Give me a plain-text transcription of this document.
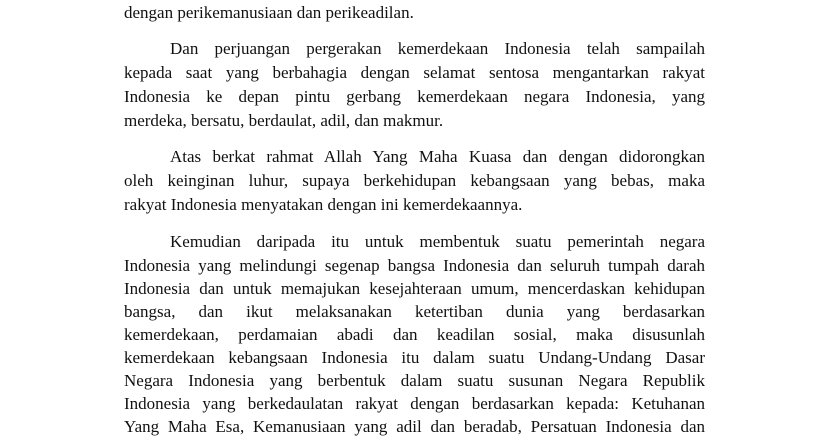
dengan perikemanusiaan dan perikeadilan.
Dan perjuangan pergerakan kemerdekaan Indonesia telah sampailah
kepada saat yang berbahagia dengan selamat sentosa mengantarkan rakyat
Indonesia ke depan pintu gerbang kemerdekaan negara Indonesia, yang
merdeka, bersatu, berdaulat, adil, dan makmur.
Atas berkat rahmat Allah Yang Maha Kuasa dan dengan didorongkan
oleh keinginan luhur, supaya berkehidupan kebangsaan yang bebas, maka
rakyat Indonesia menyatakan dengan ini kemerdekaannya.
Kemudian daripada itu untuk membentuk suatu pemerintah negara
Indonesia yang melindungi segenap bangsa Indonesia dan seluruh tumpah darah
Indonesia dan untuk memajukan kesejahteraan umum, mencerdaskan kehidupan
bangsa, dan ikut melaksanakan ketertiban dunia yang berdasarkan
kemerdekaan, perdamaian abadi dan keadilan sosial, maka disusunlah
kemerdekaan kebangsaan Indonesia itu dalam suatu Undang-Undang Dasar
Negara Indonesia yang berbentuk dalam suatu susunan Negara Republik
Indonesia yang berkedaulatan rakyat dengan berdasarkan kepada: Ketuhanan
Yang Maha Esa, Kemanusiaan yang adil dan beradab, Persatuan Indonesia dan
